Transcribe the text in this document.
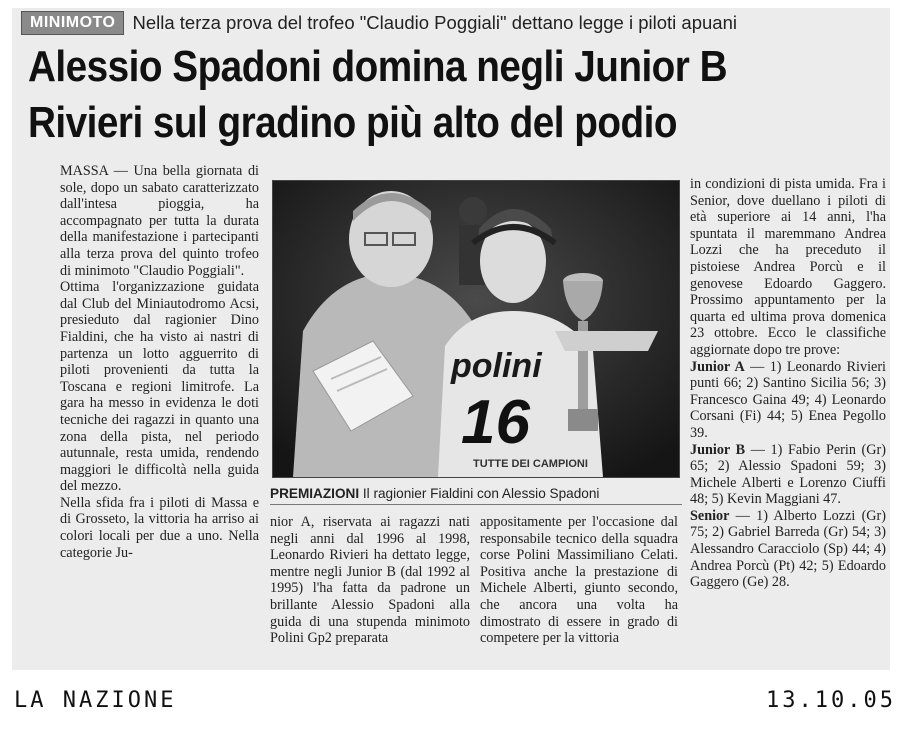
MINIMOTO Nella terza prova del trofeo "Claudio Poggiali" dettano legge i piloti apuani
Alessio Spadoni domina negli Junior B
Rivieri sul gradino più alto del podio

MASSA — Una bella giornata di sole, dopo un sabato caratterizzato dall'intesa pioggia, ha accompagnato per tutta la durata della manifestazione i partecipanti alla terza prova del quinto trofeo di minimoto "Claudio Poggiali".

Ottima l'organizzazione guidata dal Club del Miniautodromo Acsi, presieduto dal ragionier Dino Fialdini, che ha visto ai nastri di partenza un lotto agguerrito di piloti provenienti da tutta la Toscana e regioni limitrofe. La gara ha messo in evidenza le doti tecniche dei ragazzi in quanto una zona della pista, nel periodo autunnale, resta umida, rendendo maggiori le difficoltà nella guida del mezzo.

Nella sfida fra i piloti di Massa e di Grosseto, la vittoria ha arriso ai colori locali per due a uno. Nella categorie Ju-

polini
16
TUTTE DEI CAMPIONI
PREMIAZIONI Il ragionier Fialdini con Alessio Spadoni

nior A, riservata ai ragazzi nati negli anni dal 1996 al 1998, Leonardo Rivieri ha dettato legge, mentre negli Junior B (dal 1992 al 1995) l'ha fatta da padrone un brillante Alessio Spadoni alla guida di una stupenda minimoto Polini Gp2 preparata

appositamente per l'occasione dal responsabile tecnico della squadra corse Polini Massimiliano Celati. Positiva anche la prestazione di Michele Alberti, giunto secondo, che ancora una volta ha dimostrato di essere in grado di competere per la vittoria

in condizioni di pista umida. Fra i Senior, dove duellano i piloti di età superiore ai 14 anni, l'ha spuntata il maremmano Andrea Lozzi che ha preceduto il pistoiese Andrea Porcù e il genovese Edoardo Gaggero. Prossimo appuntamento per la quarta ed ultima prova domenica 23 ottobre. Ecco le classifiche aggiornate dopo tre prove:

Junior A — 1) Leonardo Rivieri punti 66; 2) Santino Sicilia 56; 3) Francesco Gaina 49; 4) Leonardo Corsani (Fi) 44; 5) Enea Pegollo 39.

Junior B — 1) Fabio Perin (Gr) 65; 2) Alessio Spadoni 59; 3) Michele Alberti e Lorenzo Ciuffi 48; 5) Kevin Maggiani 47.

Senior — 1) Alberto Lozzi (Gr) 75; 2) Gabriel Barreda (Gr) 54; 3) Alessandro Caracciolo (Sp) 44; 4) Andrea Porcù (Pt) 42; 5) Edoardo Gaggero (Ge) 28.

LA NAZIONE	13.10.05
